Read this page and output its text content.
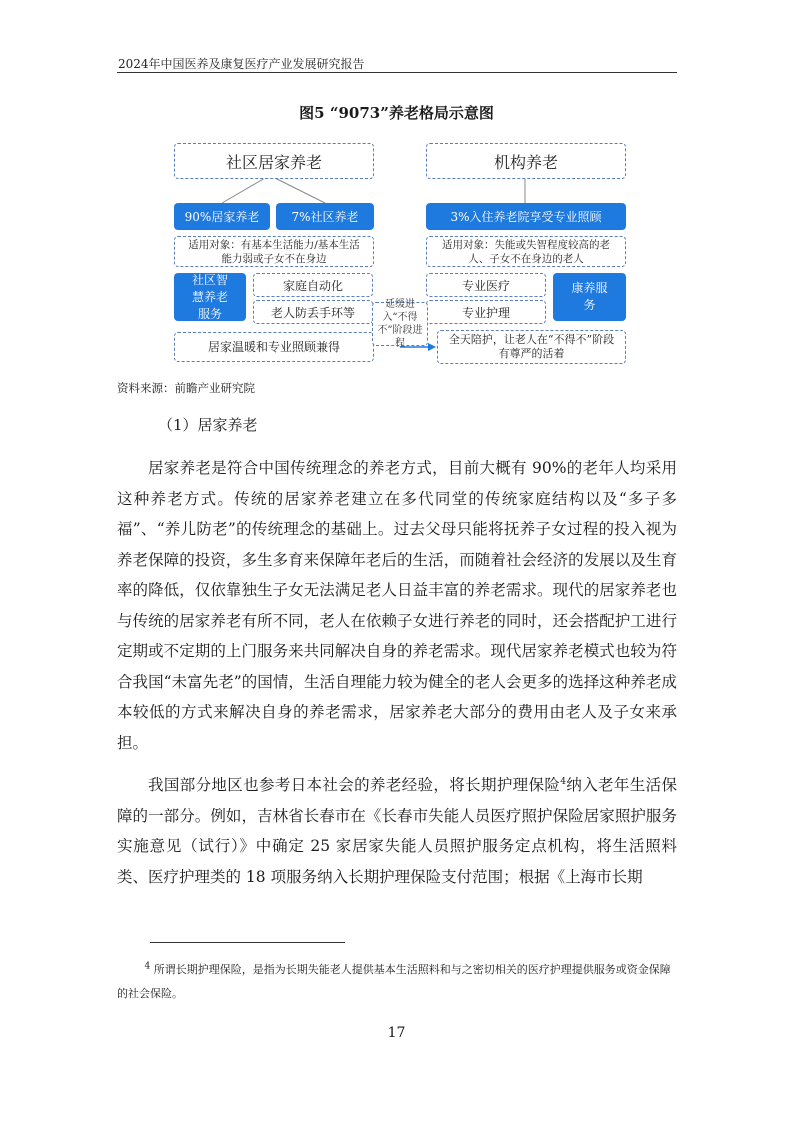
2024年中国医养及康复医疗产业发展研究报告
图5 “9073”养老格局示意图
社区居家养老	机构养老
90%居家养老	7%社区养老	3%入住养老院享受专业照顾
适用对象：有基本生活能力/基本生活能力弱或子女不在身边
适用对象：失能或失智程度较高的老人、子女不在身边的老人
社区智慧养老服务
家庭自动化
老人防丢手环等
专业医疗
专业护理
康养服务
居家温暖和专业照顾兼得
全天陪护，让老人在“不得不”阶段有尊严的活着
延缓进入“不得不”阶段进程
资料来源：前瞻产业研究院
（1）居家养老

居家养老是符合中国传统理念的养老方式，目前大概有 90%的老年人均采用这种养老方式。传统的居家养老建立在多代同堂的传统家庭结构以及“多子多福”、“养儿防老”的传统理念的基础上。过去父母只能将抚养子女过程的投入视为养老保障的投资，多生多育来保障年老后的生活，而随着社会经济的发展以及生育率的降低，仅依靠独生子女无法满足老人日益丰富的养老需求。现代的居家养老也与传统的居家养老有所不同，老人在依赖子女进行养老的同时，还会搭配护工进行定期或不定期的上门服务来共同解决自身的养老需求。现代居家养老模式也较为符合我国“未富先老”的国情，生活自理能力较为健全的老人会更多的选择这种养老成本较低的方式来解决自身的养老需求，居家养老大部分的费用由老人及子女来承担。

我国部分地区也参考日本社会的养老经验，将长期护理保险$^4$纳入老年生活保障的一部分。例如，吉林省长春市在《长春市失能人员医疗照护保险居家照护服务实施意见（试行）》中确定 25 家居家失能人员照护服务定点机构，将生活照料类、医疗护理类的 18 项服务纳入长期护理保险支付范围；根据《上海市长期

$^4$ 所谓长期护理保险，是指为长期失能老人提供基本生活照料和与之密切相关的医疗护理提供服务或资金保障的社会保险。

17
